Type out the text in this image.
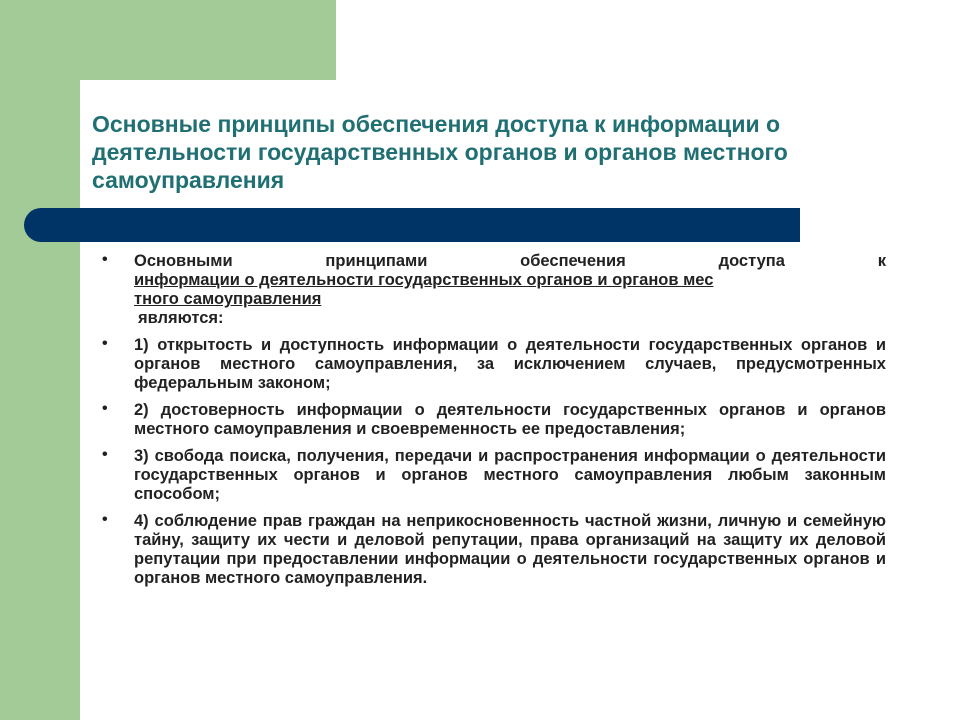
Основные принципы обеспечения доступа к информации о деятельности государственных органов и органов местного самоуправления
• Основными принципами обеспечения доступа к
информации о деятельности государственных органов и органов мес
тного самоуправления
являются:
• 1) открытость и доступность информации о деятельности государственных органов и органов местного самоуправления, за исключением случаев, предусмотренных федеральным законом;
• 2) достоверность информации о деятельности государственных органов и органов местного самоуправления и своевременность ее предоставления;
• 3) свобода поиска, получения, передачи и распространения информации о деятельности государственных органов и органов местного самоуправления любым законным способом;
• 4) соблюдение прав граждан на неприкосновенность частной жизни, личную и семейную тайну, защиту их чести и деловой репутации, права организаций на защиту их деловой репутации при предоставлении информации о деятельности государственных органов и органов местного самоуправления.
